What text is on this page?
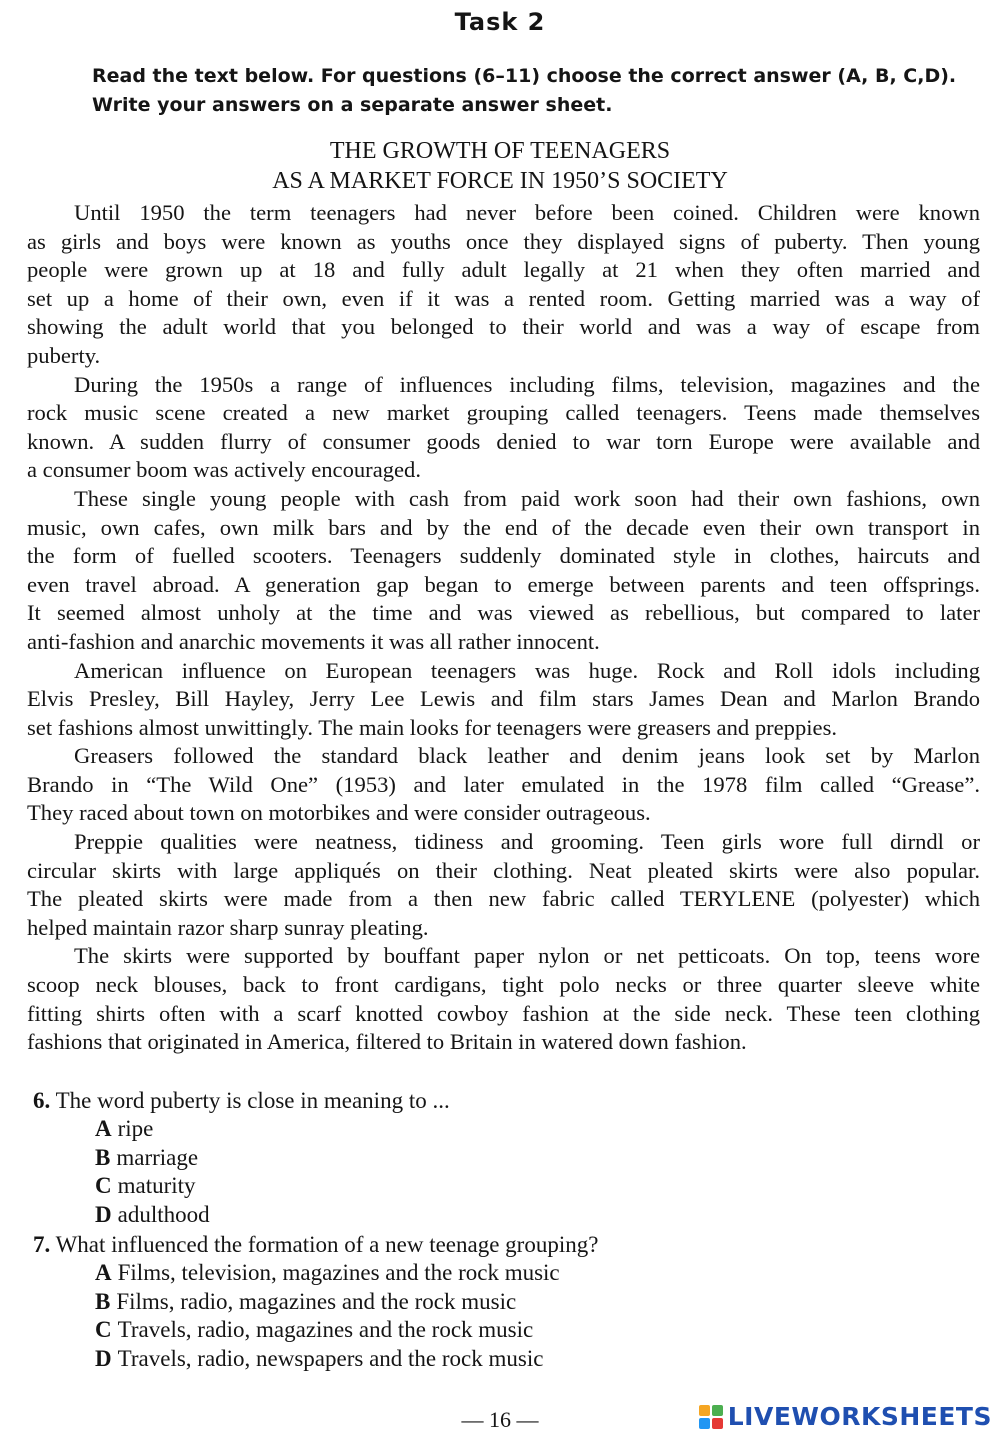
Task 2
Read the text below. For questions (6–11) choose the correct answer (A, B, C,D).
Write your answers on a separate answer sheet.
THE GROWTH OF TEENAGERS
AS A MARKET FORCE IN 1950’S SOCIETY

Until 1950 the term teenagers had never before been coined. Children were known
as girls and boys were known as youths once they displayed signs of puberty. Then young
people were grown up at 18 and fully adult legally at 21 when they often married and
set up a home of their own, even if it was a rented room. Getting married was a way of
showing the adult world that you belonged to their world and was a way of escape from
puberty.

During the 1950s a range of influences including films, television, magazines and the
rock music scene created a new market grouping called teenagers. Teens made themselves
known. A sudden flurry of consumer goods denied to war torn Europe were available and
a consumer boom was actively encouraged.

These single young people with cash from paid work soon had their own fashions, own
music, own cafes, own milk bars and by the end of the decade even their own transport in
the form of fuelled scooters. Teenagers suddenly dominated style in clothes, haircuts and
even travel abroad. A generation gap began to emerge between parents and teen offsprings.
It seemed almost unholy at the time and was viewed as rebellious, but compared to later
anti-fashion and anarchic movements it was all rather innocent.

American influence on European teenagers was huge. Rock and Roll idols including
Elvis Presley, Bill Hayley, Jerry Lee Lewis and film stars James Dean and Marlon Brando
set fashions almost unwittingly. The main looks for teenagers were greasers and preppies.

Greasers followed the standard black leather and denim jeans look set by Marlon
Brando in “The Wild One” (1953) and later emulated in the 1978 film called “Grease”.
They raced about town on motorbikes and were consider outrageous.

Preppie qualities were neatness, tidiness and grooming. Teen girls wore full dirndl or
circular skirts with large appliqués on their clothing. Neat pleated skirts were also popular.
The pleated skirts were made from a then new fabric called TERYLENE (polyester) which
helped maintain razor sharp sunray pleating.

The skirts were supported by bouffant paper nylon or net petticoats. On top, teens wore
scoop neck blouses, back to front cardigans, tight polo necks or three quarter sleeve white
fitting shirts often with a scarf knotted cowboy fashion at the side neck. These teen clothing
fashions that originated in America, filtered to Britain in watered down fashion.

6. The word puberty is close in meaning to ...
A ripe
B marriage
C maturity
D adulthood
7. What influenced the formation of a new teenage grouping?
A Films, television, magazines and the rock music
B Films, radio, magazines and the rock music
C Travels, radio, magazines and the rock music
D Travels, radio, newspapers and the rock music
— 16 —	LIVEWORKSHEETS
